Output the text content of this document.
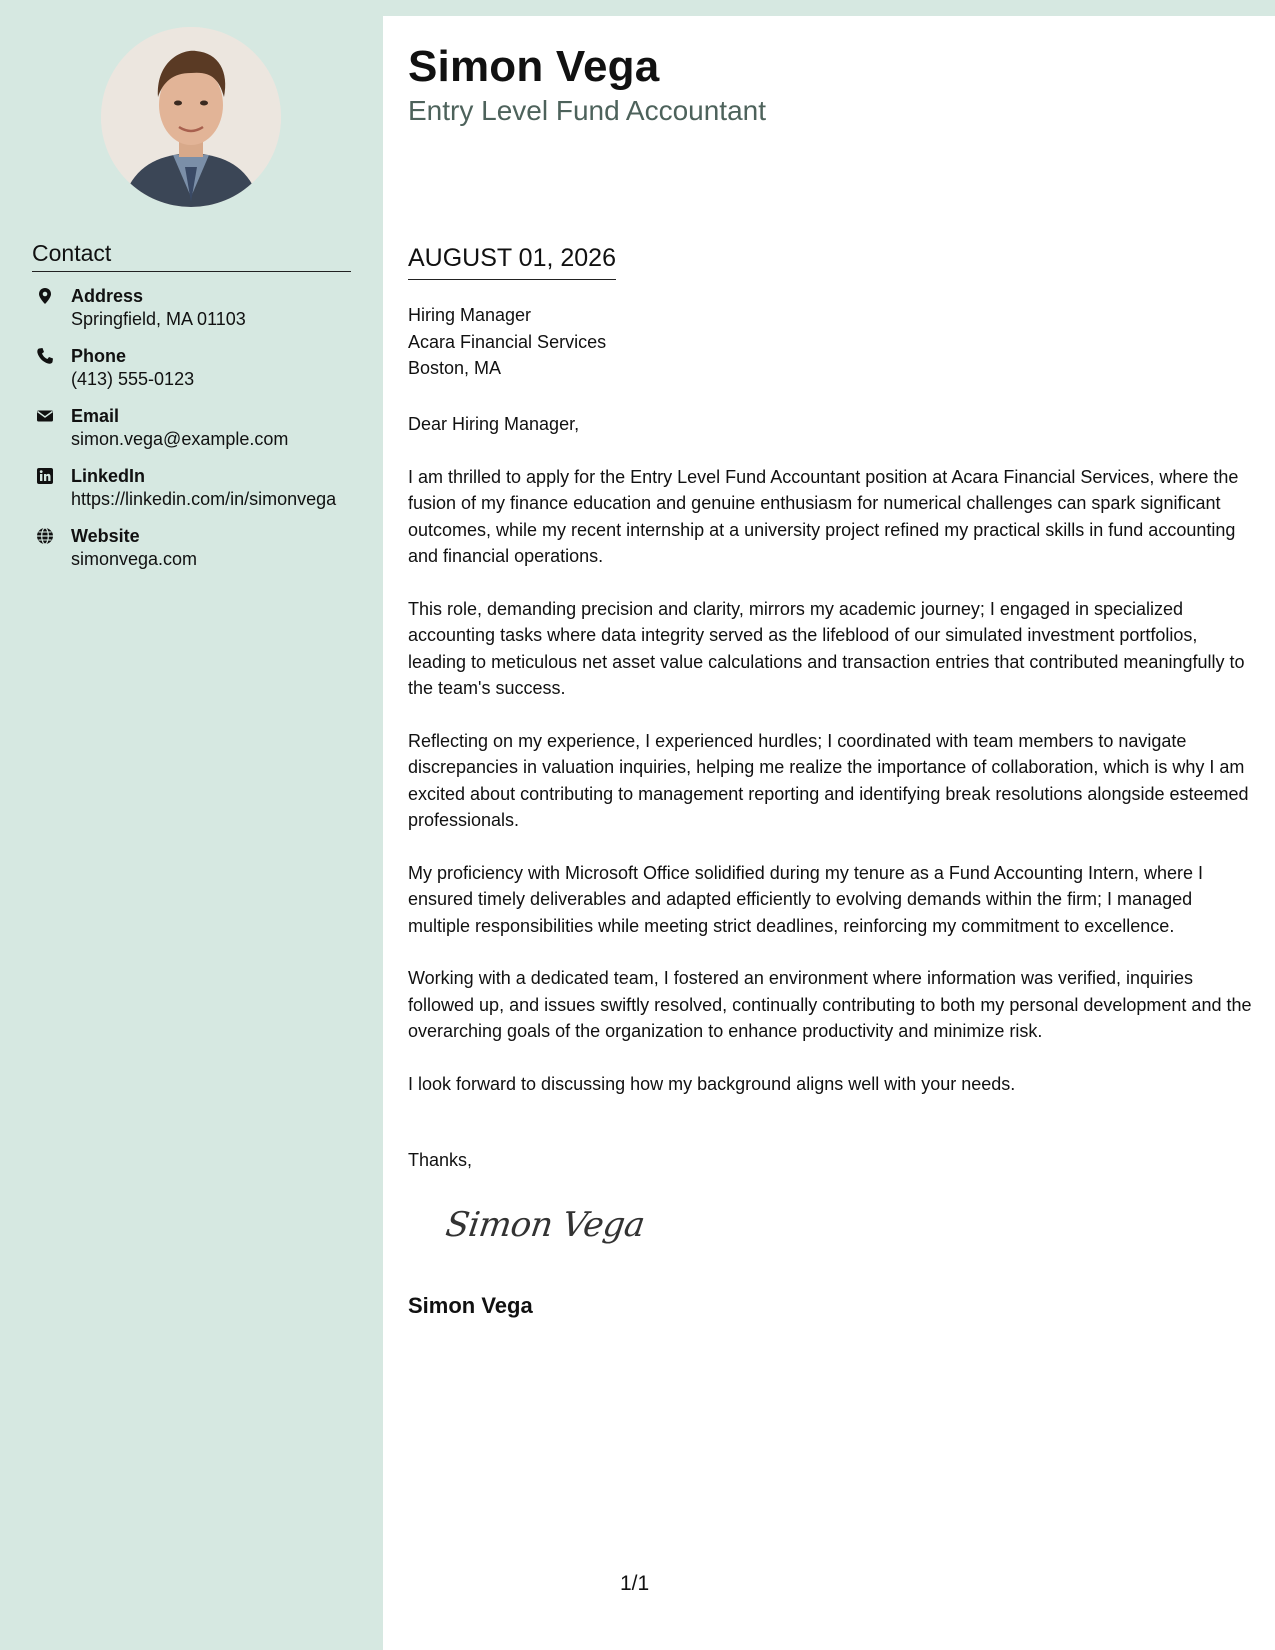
Contact
Address
Springfield, MA 01103
Phone
(413) 555-0123
Email
simon.vega@example.com
LinkedIn
https://linkedin.com/in/simonvega
Website
simonvega.com
Simon Vega
Entry Level Fund Accountant
AUGUST 01, 2026
Hiring Manager
Acara Financial Services
Boston, MA

Dear Hiring Manager,

I am thrilled to apply for the Entry Level Fund Accountant position at Acara Financial Services, where the fusion of my finance education and genuine enthusiasm for numerical challenges can spark significant outcomes, while my recent internship at a university project refined my practical skills in fund accounting and financial operations.

This role, demanding precision and clarity, mirrors my academic journey; I engaged in specialized accounting tasks where data integrity served as the lifeblood of our simulated investment portfolios, leading to meticulous net asset value calculations and transaction entries that contributed meaningfully to the team's success.

Reflecting on my experience, I experienced hurdles; I coordinated with team members to navigate discrepancies in valuation inquiries, helping me realize the importance of collaboration, which is why I am excited about contributing to management reporting and identifying break resolutions alongside esteemed professionals.

My proficiency with Microsoft Office solidified during my tenure as a Fund Accounting Intern, where I ensured timely deliverables and adapted efficiently to evolving demands within the firm; I managed multiple responsibilities while meeting strict deadlines, reinforcing my commitment to excellence.

Working with a dedicated team, I fostered an environment where information was verified, inquiries followed up, and issues swiftly resolved, continually contributing to both my personal development and the overarching goals of the organization to enhance productivity and minimize risk.

I look forward to discussing how my background aligns well with your needs.

Thanks,
Simon Vega
Simon Vega
1/1
